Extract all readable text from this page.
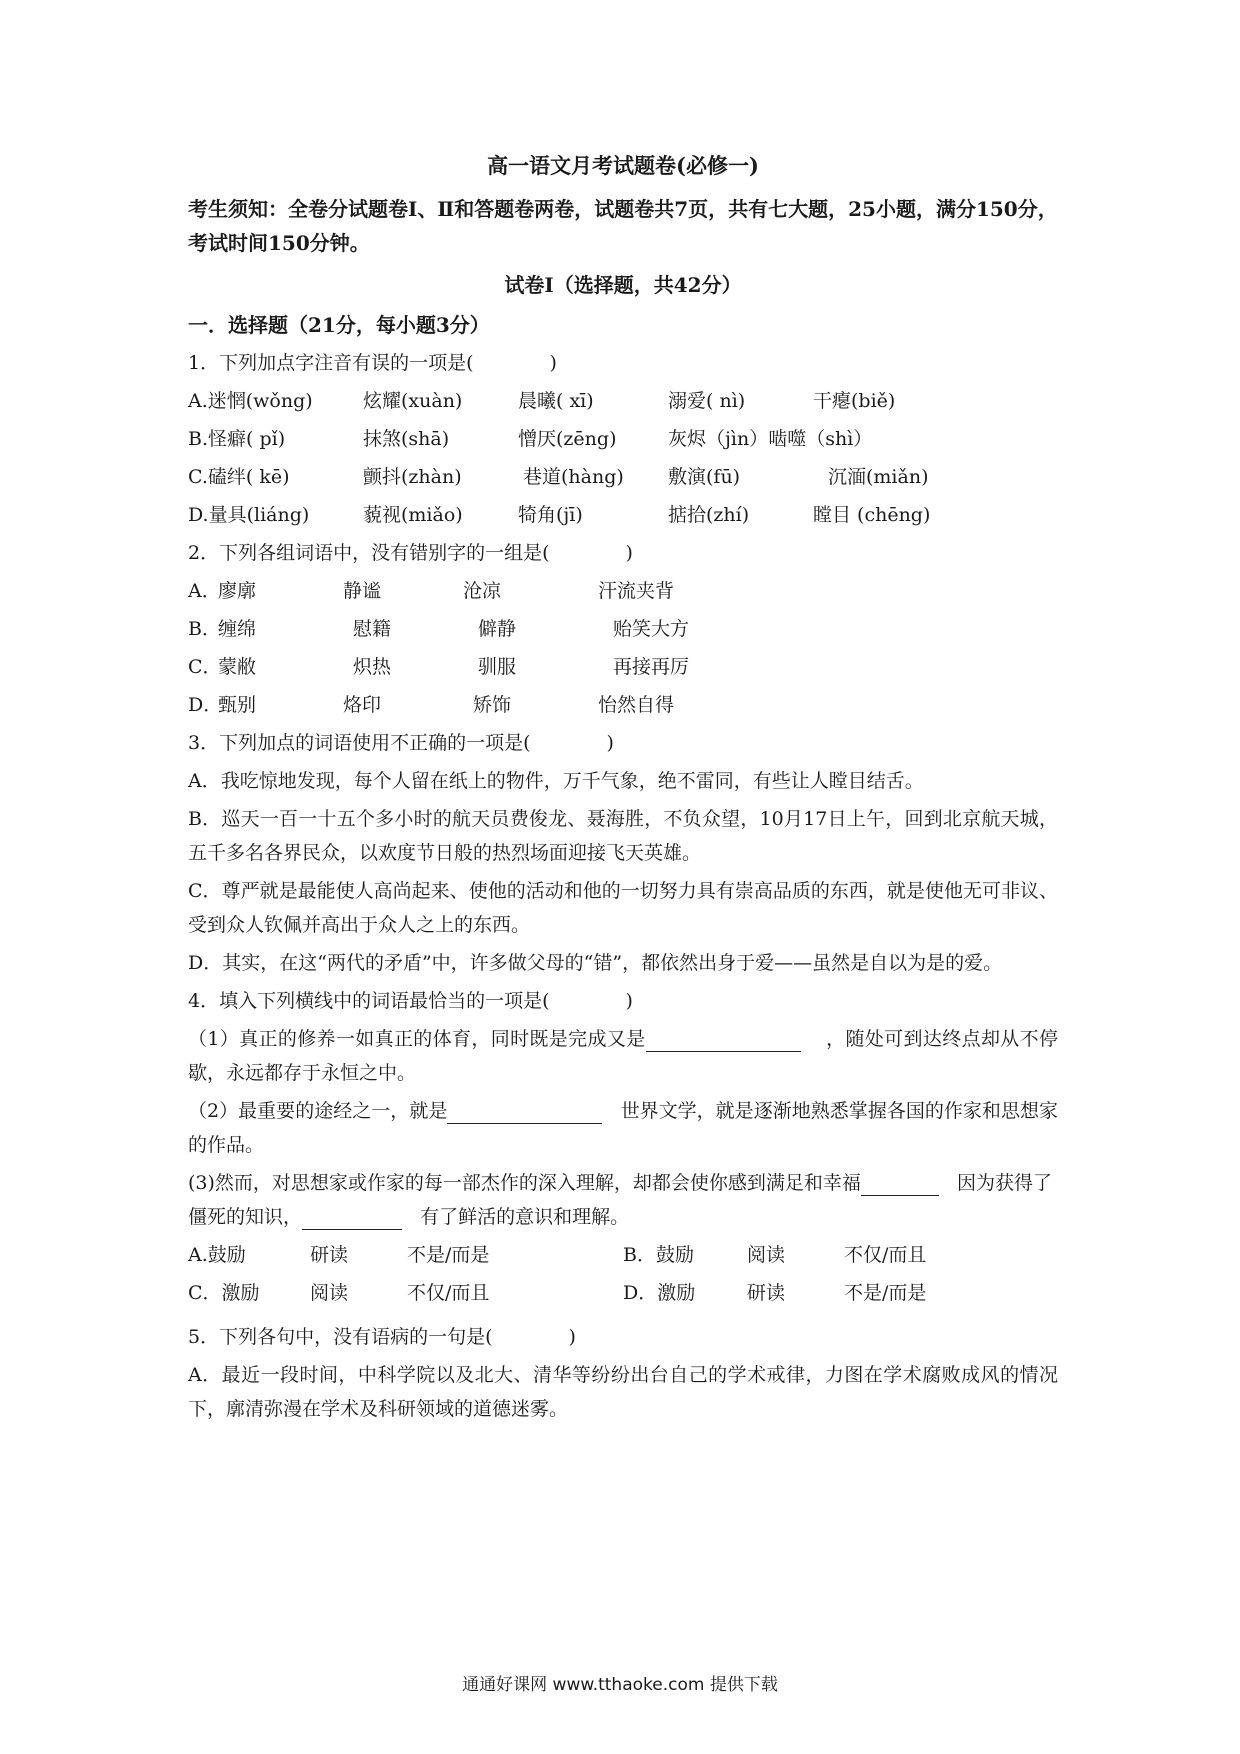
高一语文月考试题卷(必修一)

考生须知：全卷分试题卷Ⅰ、Ⅱ和答题卷两卷，试题卷共7页，共有七大题，25小题，满分150分，考试时间150分钟。

试卷Ⅰ（选择题，共42分）
一．选择题（21分，每小题3分）
1．下列加点字注音有误的一项是(　　　　)
A.迷惘(wǒng)	炫耀(xuàn)	晨曦( xī)	溺爱( nì)	干瘪(biě)
B.怪癖( pǐ)	抹煞(shā)	憎厌(zēng)	灰烬（jìn）啮噬（shì）
C.磕绊( kē)	颤抖(zhàn)	巷道(hàng)	敷演(fū)	沉湎(miǎn)
D.量具(liáng)	藐视(miǎo)	犄角(jī)	掂拾(zhí)	瞠目 (chēng)
2．下列各组词语中，没有错别字的一组是(　　　　)
A．
廖廓	静谧	沧凉	汗流夹背
B．
缠绵	慰籍	僻静	贻笑大方
C．
蒙敝	炽热	驯服	再接再厉
D．
甄别	烙印	矫饰	怡然自得
3．下列加点的词语使用不正确的一项是(　　　　)
A．我吃惊地发现，每个人留在纸上的物件，万千气象，绝不雷同，有些让人瞠目结舌。
B．巡天一百一十五个多小时的航天员费俊龙、聂海胜，不负众望，10月17日上午，回到北京航天城，五千多名各界民众，以欢度节日般的热烈场面迎接飞天英雄。
C．尊严就是最能使人高尚起来、使他的活动和他的一切努力具有崇高品质的东西，就是使他无可非议、受到众人钦佩并高出于众人之上的东西。
D．其实，在这“两代的矛盾”中，许多做父母的“错”，都依然出身于爱——虽然是自以为是的爱。
4．填入下列横线中的词语最恰当的一项是(　　　　)
（1）真正的修养一如真正的体育，同时既是完成又是	，随处可到达终点却从不停歇，永远都存于永恒之中。
（2）最重要的途经之一，就是	世界文学，就是逐渐地熟悉掌握各国的作家和思想家的作品。
(3)然而，对思想家或作家的每一部杰作的深入理解，却都会使你感到满足和幸福	因为获得了僵死的知识，	有了鲜活的意识和理解。
A.鼓励	研读	不是/而是	B．鼓励	阅读	不仅/而且
C．激励	阅读	不仅/而且	D．激励	研读	不是/而是
5．下列各句中，没有语病的一句是(　　　　)
A．最近一段时间，中科学院以及北大、清华等纷纷出台自己的学术戒律，力图在学术腐败成风的情况下，廓清弥漫在学术及科研领域的道德迷雾。
通通好课网 www.tthaoke.com 提供下载
